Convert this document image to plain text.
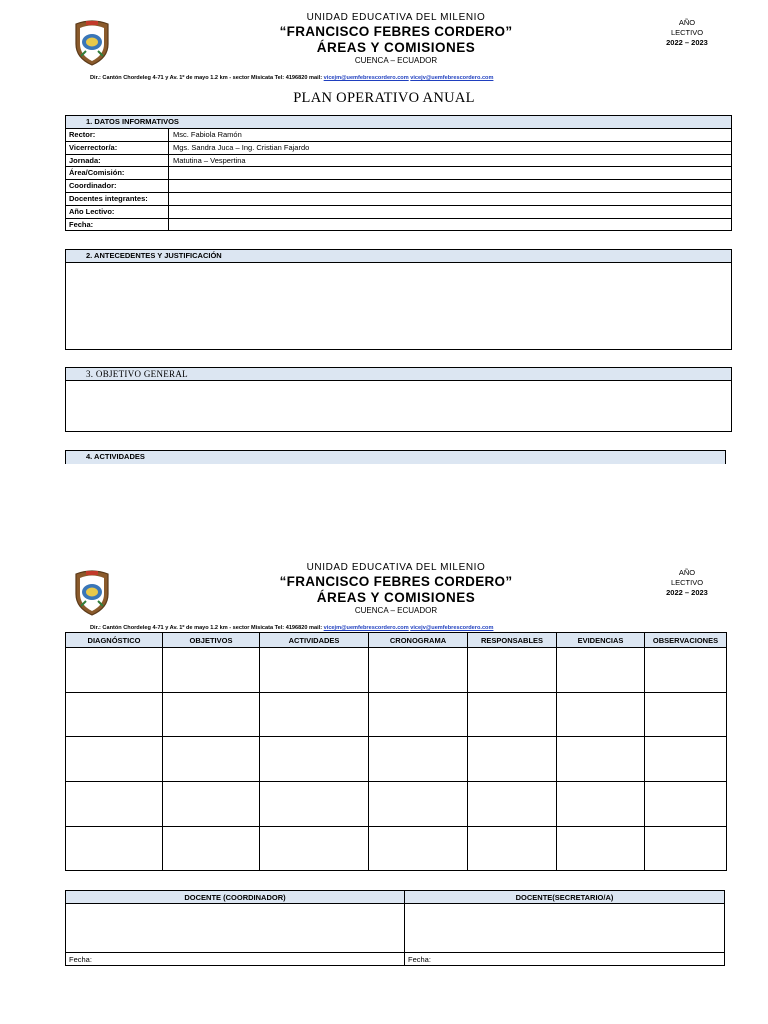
UNIDAD EDUCATIVA DEL MILENIO
“FRANCISCO FEBRES CORDERO”
ÁREAS Y COMISIONES
CUENCA – ECUADOR
Dir.: Cantón Chordeleg 4-71 y Av. 1º de mayo 1.2 km - sector Misicata Tel: 4196820 mail: vicejm@uemfebrescordero.com vicejv@uemfebrescordero.com
AÑO
LECTIVO
2022 – 2023
PLAN OPERATIVO ANUAL
1. DATOS INFORMATIVOS
Rector:	Msc. Fabiola Ramón
Vicerrector/a:	Mgs. Sandra Juca – Ing. Cristian Fajardo
Jornada:	Matutina – Vespertina
Área/Comisión:
Coordinador:
Docentes integrantes:
Año Lectivo:
Fecha:
2. ANTECEDENTES Y JUSTIFICACIÓN
3. OBJETIVO GENERAL
4. ACTIVIDADES
UNIDAD EDUCATIVA DEL MILENIO
“FRANCISCO FEBRES CORDERO”
ÁREAS Y COMISIONES
CUENCA – ECUADOR
Dir.: Cantón Chordeleg 4-71 y Av. 1º de mayo 1.2 km - sector Misicata Tel: 4196820 mail: vicejm@uemfebrescordero.com vicejv@uemfebrescordero.com
AÑO
LECTIVO
2022 – 2023
DIAGNÓSTICO	OBJETIVOS	ACTIVIDADES	CRONOGRAMA	RESPONSABLES	EVIDENCIAS	OBSERVACIONES

DOCENTE (COORDINADOR)	DOCENTE(SECRETARIO/A)

Fecha:	Fecha:
